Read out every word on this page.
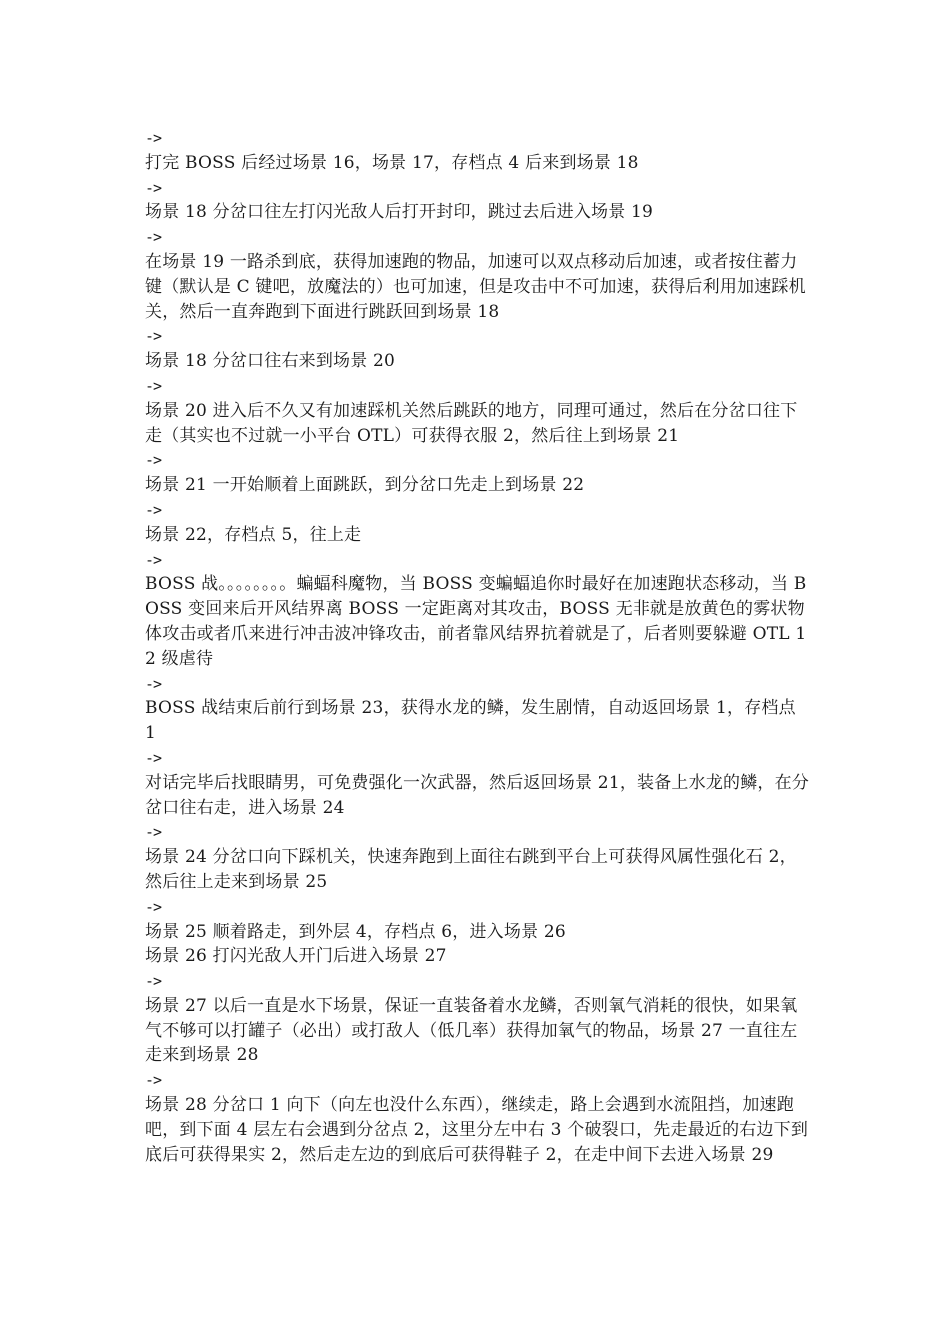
->
打完 BOSS 后经过场景 16，场景 17，存档点 4 后来到场景 18
->
场景 18 分岔口往左打闪光敌人后打开封印，跳过去后进入场景 19
->
在场景 19 一路杀到底，获得加速跑的物品，加速可以双点移动后加速，或者按住蓄力键（默认是 C 键吧，放魔法的）也可加速，但是攻击中不可加速，获得后利用加速踩机关，然后一直奔跑到下面进行跳跃回到场景 18
->
场景 18 分岔口往右来到场景 20
->
场景 20 进入后不久又有加速踩机关然后跳跃的地方，同理可通过，然后在分岔口往下走（其实也不过就一小平台 OTL）可获得衣服 2，然后往上到场景 21
->
场景 21 一开始顺着上面跳跃，到分岔口先走上到场景 22
->
场景 22，存档点 5，往上走
->
BOSS 战。。。。。。。。蝙蝠科魔物，当 BOSS 变蝙蝠追你时最好在加速跑状态移动，当 BOSS 变回来后开风结界离 BOSS 一定距离对其攻击，BOSS 无非就是放黄色的雾状物体攻击或者爪来进行冲击波冲锋攻击，前者靠风结界抗着就是了，后者则要躲避 OTL 12 级虐待
->
BOSS 战结束后前行到场景 23，获得水龙的鳞，发生剧情，自动返回场景 1，存档点 1
->
对话完毕后找眼睛男，可免费强化一次武器，然后返回场景 21，装备上水龙的鳞，在分岔口往右走，进入场景 24
->
场景 24 分岔口向下踩机关，快速奔跑到上面往右跳到平台上可获得风属性强化石 2，然后往上走来到场景 25
->
场景 25 顺着路走，到外层 4，存档点 6，进入场景 26
场景 26 打闪光敌人开门后进入场景 27
->
场景 27 以后一直是水下场景，保证一直装备着水龙鳞，否则氧气消耗的很快，如果氧气不够可以打罐子（必出）或打敌人（低几率）获得加氧气的物品，场景 27 一直往左走来到场景 28
->
场景 28 分岔口 1 向下（向左也没什么东西），继续走，路上会遇到水流阻挡，加速跑吧，到下面 4 层左右会遇到分岔点 2，这里分左中右 3 个破裂口，先走最近的右边下到底后可获得果实 2，然后走左边的到底后可获得鞋子 2，在走中间下去进入场景 29
